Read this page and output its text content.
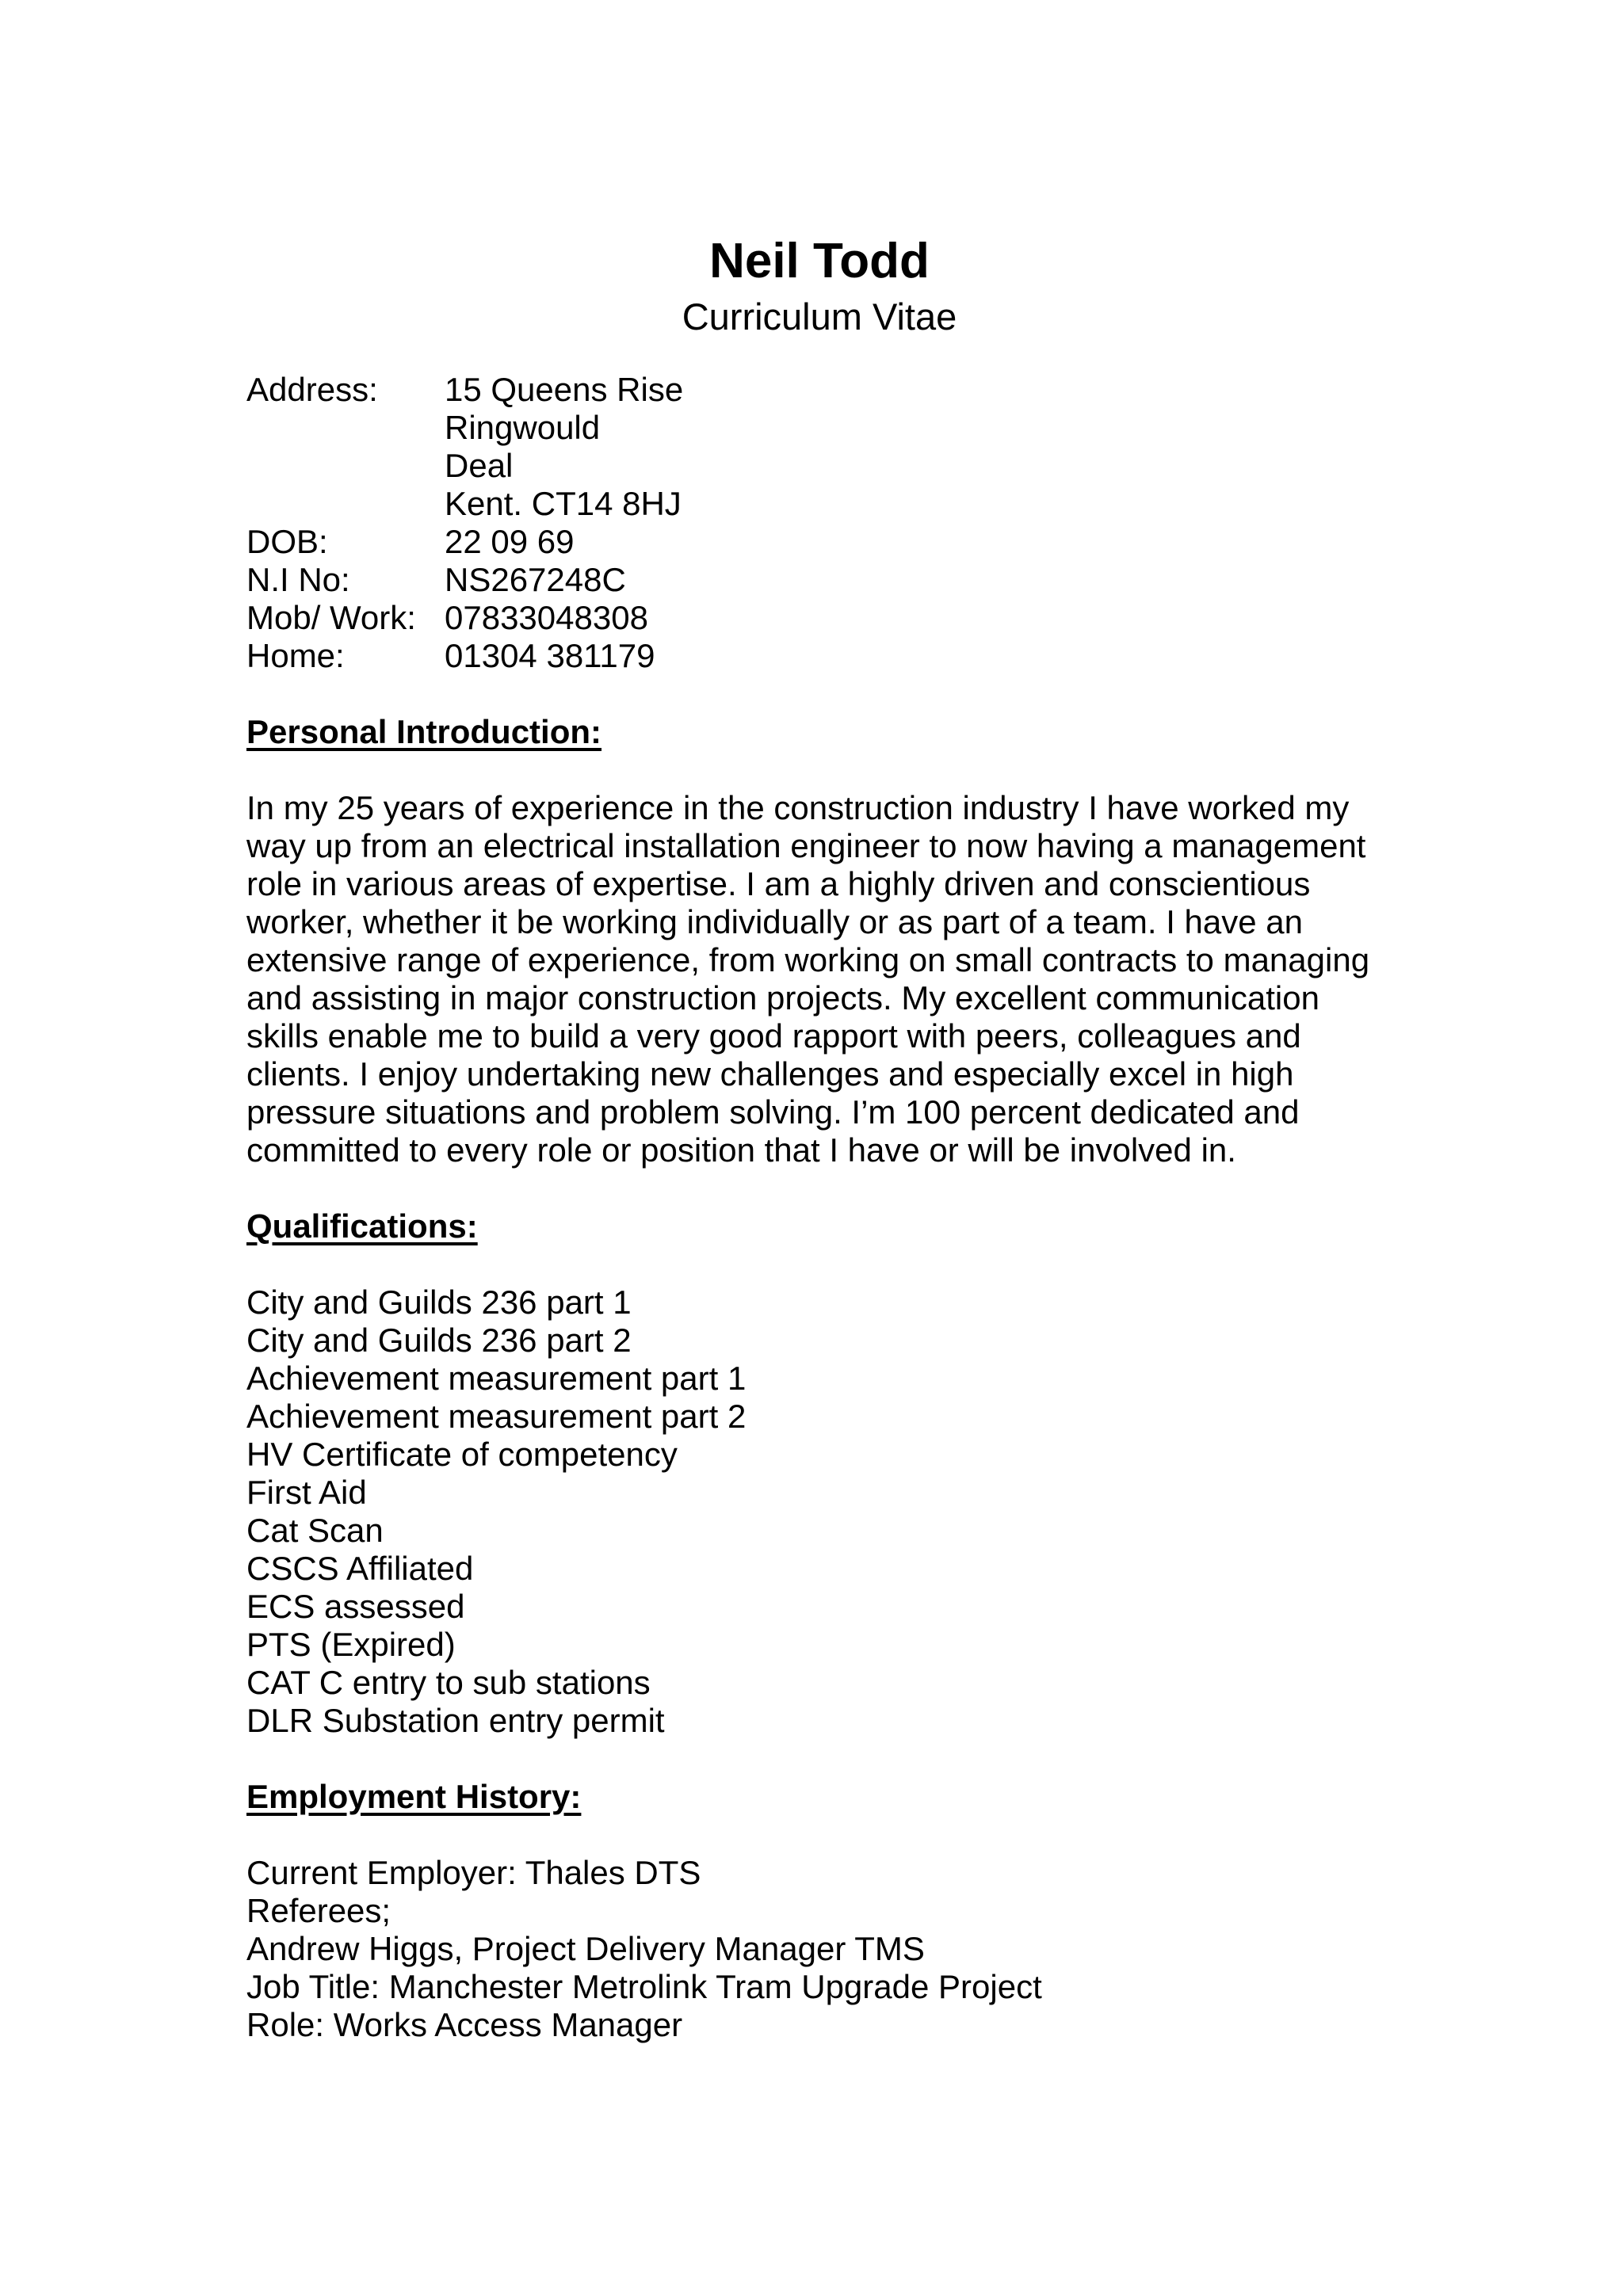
Neil Todd
Curriculum Vitae
Address:	15 Queens Rise
Ringwould
Deal
Kent. CT14 8HJ
DOB:	22 09 69
N.I No:	NS267248C
Mob/ Work: 07833048308
Home:	01304 381179
Personal Introduction:
In my 25 years of experience in the construction industry I have worked my
way up from an electrical installation engineer to now having a management
role in various areas of expertise. I am a highly driven and conscientious
worker, whether it be working individually or as part of a team. I have an
extensive range of experience, from working on small contracts to managing
and assisting in major construction projects. My excellent communication
skills enable me to build a very good rapport with peers, colleagues and
clients. I enjoy undertaking new challenges and especially excel in high
pressure situations and problem solving. I’m 100 percent dedicated and
committed to every role or position that I have or will be involved in.
Qualifications:
City and Guilds 236 part 1
City and Guilds 236 part 2
Achievement measurement part 1
Achievement measurement part 2
HV Certificate of competency
First Aid
Cat Scan
CSCS Affiliated
ECS assessed
PTS (Expired)
CAT C entry to sub stations
DLR Substation entry permit
Employment History:
Current Employer: Thales DTS
Referees;
Andrew Higgs, Project Delivery Manager TMS
Job Title: Manchester Metrolink Tram Upgrade Project
Role: Works Access Manager
